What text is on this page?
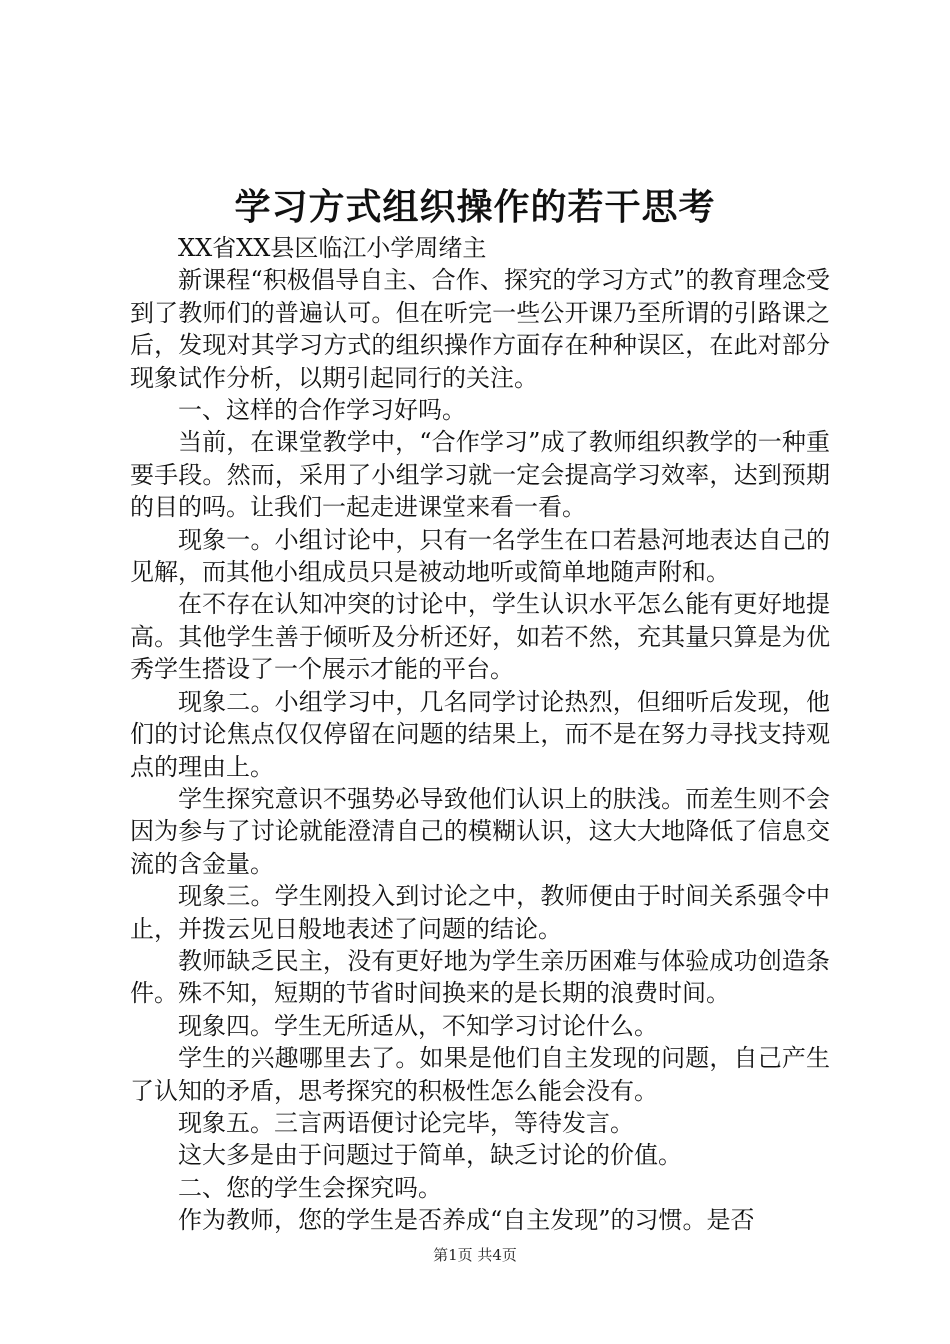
学习方式组织操作的若干思考

XX省XX县区临江小学周绪主

新课程“积极倡导自主、合作、探究的学习方式”的教育理念受到了教师们的普遍认可。但在听完一些公开课乃至所谓的引路课之后，发现对其学习方式的组织操作方面存在种种误区，在此对部分现象试作分析，以期引起同行的关注。

一、这样的合作学习好吗。

当前，在课堂教学中，“合作学习”成了教师组织教学的一种重要手段。然而，采用了小组学习就一定会提高学习效率，达到预期的目的吗。让我们一起走进课堂来看一看。

现象一。小组讨论中，只有一名学生在口若悬河地表达自己的见解，而其他小组成员只是被动地听或简单地随声附和。

在不存在认知冲突的讨论中，学生认识水平怎么能有更好地提高。其他学生善于倾听及分析还好，如若不然，充其量只算是为优秀学生搭设了一个展示才能的平台。

现象二。小组学习中，几名同学讨论热烈，但细听后发现，他们的讨论焦点仅仅停留在问题的结果上，而不是在努力寻找支持观点的理由上。

学生探究意识不强势必导致他们认识上的肤浅。而差生则不会因为参与了讨论就能澄清自己的模糊认识，这大大地降低了信息交流的含金量。

现象三。学生刚投入到讨论之中，教师便由于时间关系强令中止，并拨云见日般地表述了问题的结论。

教师缺乏民主，没有更好地为学生亲历困难与体验成功创造条件。殊不知，短期的节省时间换来的是长期的浪费时间。

现象四。学生无所适从，不知学习讨论什么。

学生的兴趣哪里去了。如果是他们自主发现的问题，自己产生了认知的矛盾，思考探究的积极性怎么能会没有。

现象五。三言两语便讨论完毕，等待发言。

这大多是由于问题过于简单，缺乏讨论的价值。

二、您的学生会探究吗。

作为教师，您的学生是否养成“自主发现”的习惯。是否

第1页 共4页
